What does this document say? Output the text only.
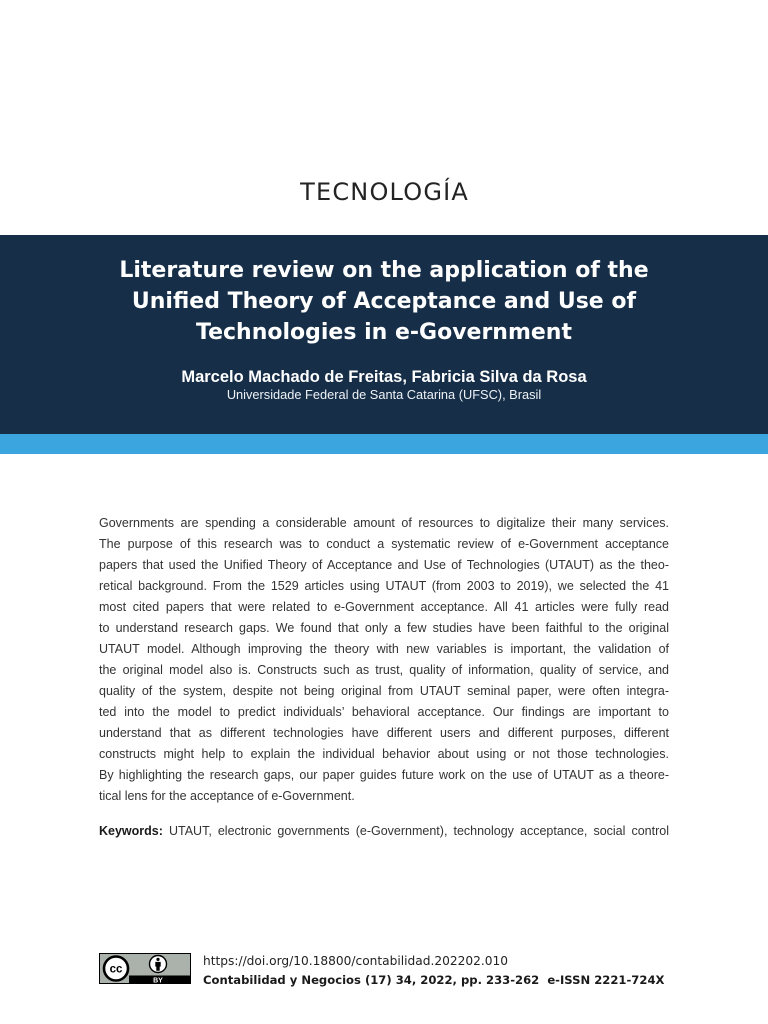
TECNOLOGÍA
Literature review on the application of the
Unified Theory of Acceptance and Use of
Technologies in e-Government
Marcelo Machado de Freitas, Fabricia Silva da Rosa
Universidade Federal de Santa Catarina (UFSC), Brasil
Governments are spending a considerable amount of resources to digitalize their many services.
The purpose of this research was to conduct a systematic review of e-Government acceptance
papers that used the Unified Theory of Acceptance and Use of Technologies (UTAUT) as the theo-
retical background. From the 1529 articles using UTAUT (from 2003 to 2019), we selected the 41
most cited papers that were related to e-Government acceptance. All 41 articles were fully read
to understand research gaps. We found that only a few studies have been faithful to the original
UTAUT model. Although improving the theory with new variables is important, the validation of
the original model also is. Constructs such as trust, quality of information, quality of service, and
quality of the system, despite not being original from UTAUT seminal paper, were often integra-
ted into the model to predict individuals’ behavioral acceptance. Our findings are important to
understand that as different technologies have different users and different purposes, different
constructs might help to explain the individual behavior about using or not those technologies.
By highlighting the research gaps, our paper guides future work on the use of UTAUT as a theore-
tical lens for the acceptance of e-Government.
Keywords: UTAUT, electronic governments (e-Government), technology acceptance, social control
cc
BY
https://doi.org/10.18800/contabilidad.202202.010
Contabilidad y Negocios (17) 34, 2022, pp. 233-262  e-ISSN 2221-724X
